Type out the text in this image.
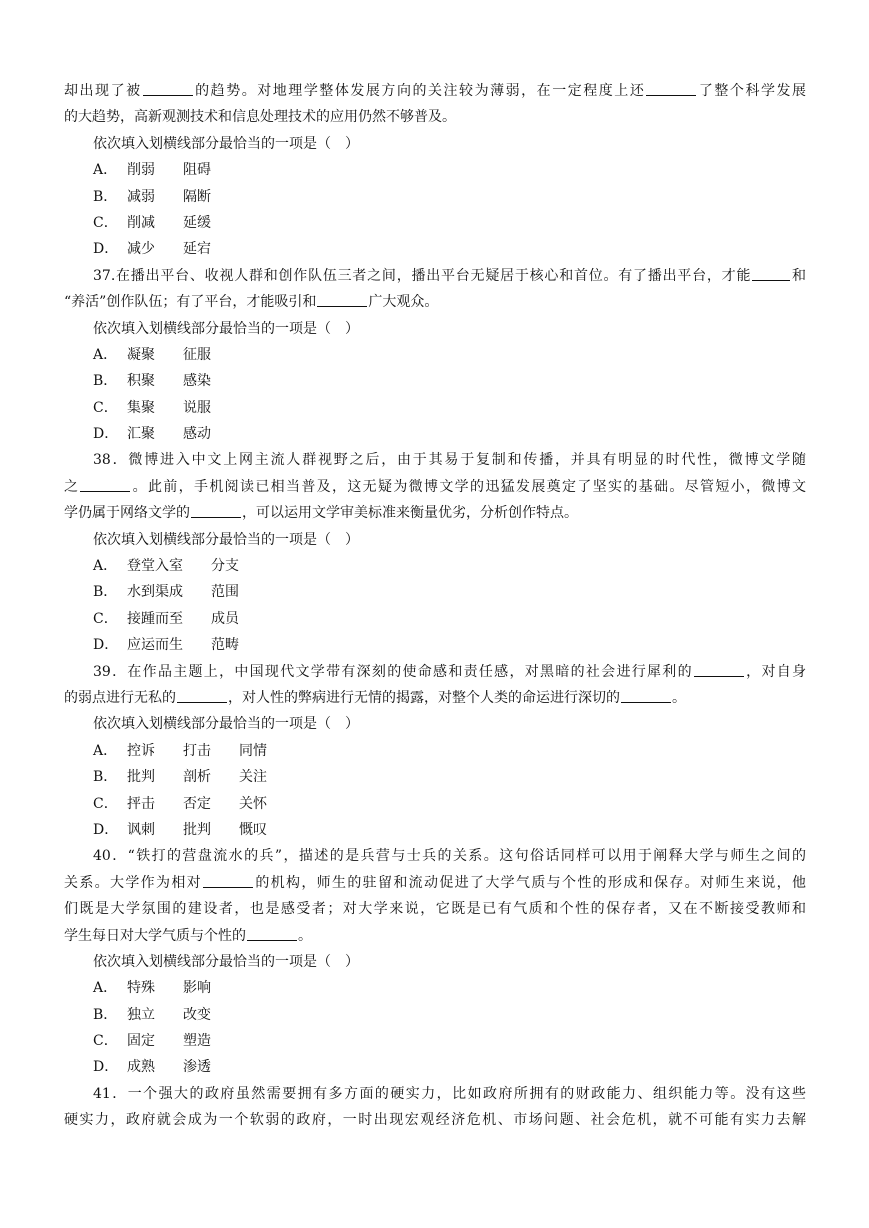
却出现了被	的趋势。对地理学整体发展方向的关注较为薄弱，在一定程度上还	了整个科学发展
的大趋势，高新观测技术和信息处理技术的应用仍然不够普及。
依次填入划横线部分最恰当的一项是（　）
A． 削弱 阻碍
B． 减弱 隔断
C． 削减 延缓
D． 减少 延宕
37.在播出平台、收视人群和创作队伍三者之间，播出平台无疑居于核心和首位。有了播出平台，才能	和
“养活”创作队伍；有了平台，才能吸引和	广大观众。
依次填入划横线部分最恰当的一项是（　）
A． 凝聚 征服
B． 积聚 感染
C． 集聚 说服
D． 汇聚 感动
38．微博进入中文上网主流人群视野之后，由于其易于复制和传播，并具有明显的时代性，微博文学随
之	。此前，手机阅读已相当普及，这无疑为微博文学的迅猛发展奠定了坚实的基础。尽管短小，微博文
学仍属于网络文学的	，可以运用文学审美标准来衡量优劣，分析创作特点。
依次填入划横线部分最恰当的一项是（　）
A． 登堂入室 分支
B． 水到渠成 范围
C． 接踵而至 成员
D． 应运而生 范畴
39．在作品主题上，中国现代文学带有深刻的使命感和责任感，对黑暗的社会进行犀利的	，对自身
的弱点进行无私的	，对人性的弊病进行无情的揭露，对整个人类的命运进行深切的	。
依次填入划横线部分最恰当的一项是（　）
A． 控诉 打击 同情
B． 批判 剖析 关注
C． 抨击 否定 关怀
D． 讽刺 批判 慨叹
40．“铁打的营盘流水的兵”，描述的是兵营与士兵的关系。这句俗话同样可以用于阐释大学与师生之间的
关系。大学作为相对	的机构，师生的驻留和流动促进了大学气质与个性的形成和保存。对师生来说，他
们既是大学氛围的建设者，也是感受者；对大学来说，它既是已有气质和个性的保存者，又在不断接受教师和
学生每日对大学气质与个性的	。
依次填入划横线部分最恰当的一项是（　）
A． 特殊 影响
B． 独立 改变
C． 固定 塑造
D． 成熟 渗透
41．一个强大的政府虽然需要拥有多方面的硬实力，比如政府所拥有的财政能力、组织能力等。没有这些
硬实力，政府就会成为一个软弱的政府，一时出现宏观经济危机、市场问题、社会危机，就不可能有实力去解
